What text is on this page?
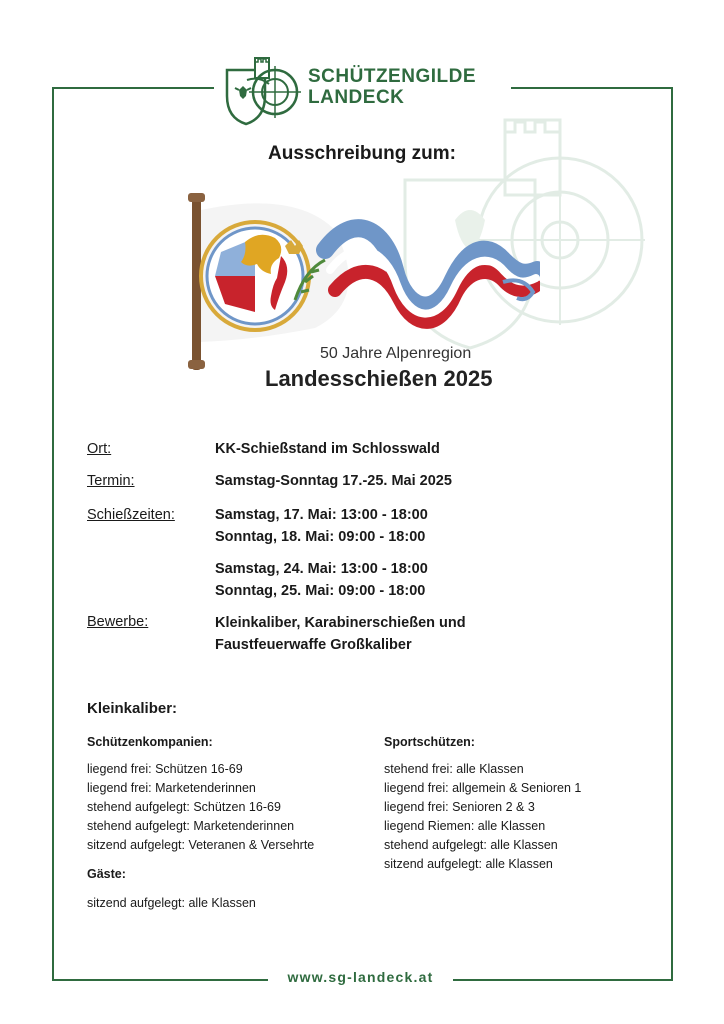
SCHÜTZENGILDE
LANDECK
Ausschreibung zum:
50 Jahre Alpenregion
Landesschießen 2025
Ort:	KK-Schießstand im Schlosswald
Termin:	Samstag-Sonntag 17.-25. Mai 2025
Schießzeiten:	Samstag, 17. Mai: 13:00 - 18:00
Sonntag, 18. Mai: 09:00 - 18:00
Samstag, 24. Mai: 13:00 - 18:00
Sonntag, 25. Mai: 09:00 - 18:00
Bewerbe:	Kleinkaliber, Karabinerschießen und
Faustfeuerwaffe Großkaliber
Kleinkaliber:
Schützenkompanien:
liegend frei: Schützen 16-69
liegend frei: Marketenderinnen
stehend aufgelegt: Schützen 16-69
stehend aufgelegt: Marketenderinnen
sitzend aufgelegt: Veteranen & Versehrte
Gäste:
sitzend aufgelegt: alle Klassen
Sportschützen:
stehend frei: alle Klassen
liegend frei: allgemein & Senioren 1
liegend frei: Senioren 2 & 3
liegend Riemen: alle Klassen
stehend aufgelegt: alle Klassen
sitzend aufgelegt: alle Klassen
www.sg-landeck.at
